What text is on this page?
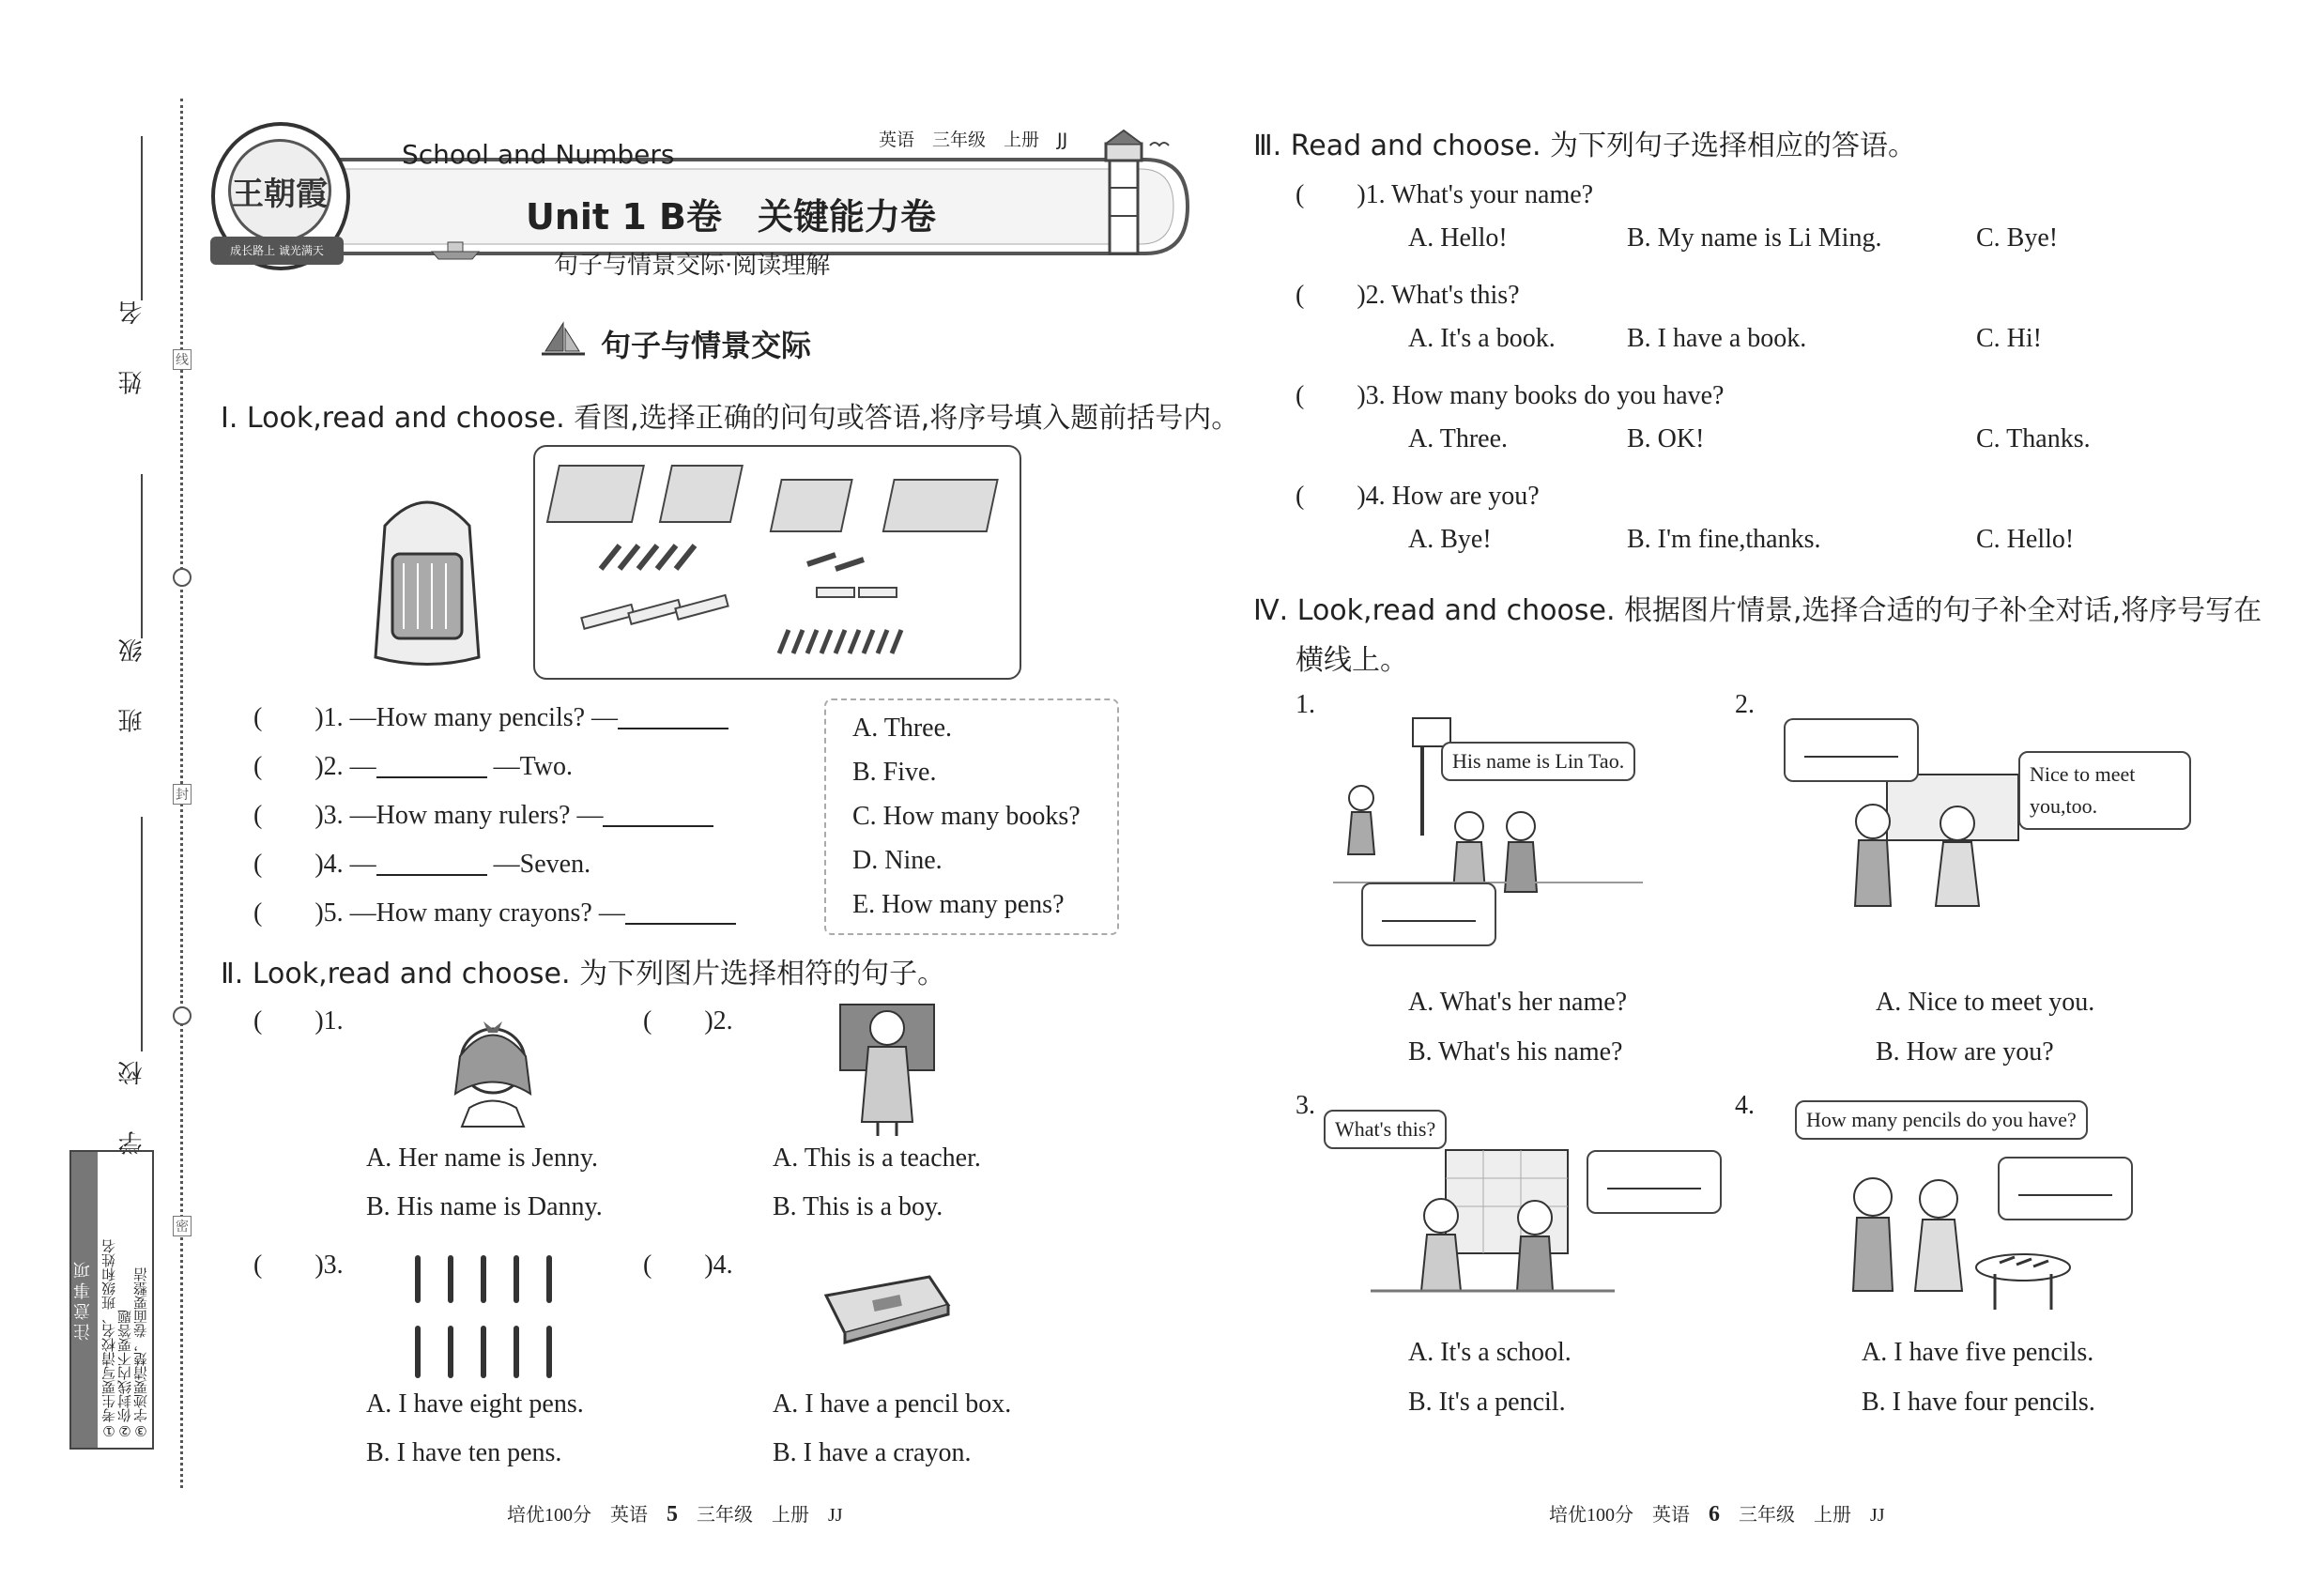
姓 名
班 级
学 校
线
封
密
注意事项 ①考生要写清校名、班级和姓名 ②你封线内不要答题 ③字迹要清楚，卷面要整洁
王朝霞
成长路上 诚光满天
School and Numbers	英语　三年级　上册　JJ
Unit 1 B卷　关键能力卷
句子与情景交际·阅读理解
句子与情景交际
Ⅰ. Look,read and choose. 看图,选择正确的问句或答语,将序号填入题前括号内。
(　　)1. —How many pencils? —
(　　)2. —	—Two.
(　　)3. —How many rulers? —
(　　)4. —	—Seven.
(　　)5. —How many crayons? —
A. Three.
B. Five.
C. How many books?
D. Nine.
E. How many pens?
Ⅱ. Look,read and choose. 为下列图片选择相符的句子。
(　　)1.
A. Her name is Jenny.
B. His name is Danny.
(　　)2.
A. This is a teacher.
B. This is a boy.
(　　)3.
A. I have eight pens.
B. I have ten pens.
(　　)4.
A. I have a pencil box.
B. I have a crayon.
Ⅲ. Read and choose. 为下列句子选择相应的答语。
(　　)1. What's your name?
A. Hello!	B. My name is Li Ming.	C. Bye!
(　　)2. What's this?
A. It's a book.	B. I have a book.	C. Hi!
(　　)3. How many books do you have?
A. Three.	B. OK!	C. Thanks.
(　　)4. How are you?
A. Bye!	B. I'm fine,thanks.	C. Hello!
Ⅳ. Look,read and choose. 根据图片情景,选择合适的句子补全对话,将序号写在
横线上。
1.
His name is Lin Tao.
A. What's her name?
B. What's his name?
2.
Nice to meet you,too.
A. Nice to meet you.
B. How are you?
3.
What's this?
A. It's a school.
B. It's a pencil.
4.	How many pencils do you have?
A. I have five pencils.
B. I have four pencils.
培优100分　英语 5 三年级　上册　JJ	培优100分　英语 6 三年级　上册　JJ
